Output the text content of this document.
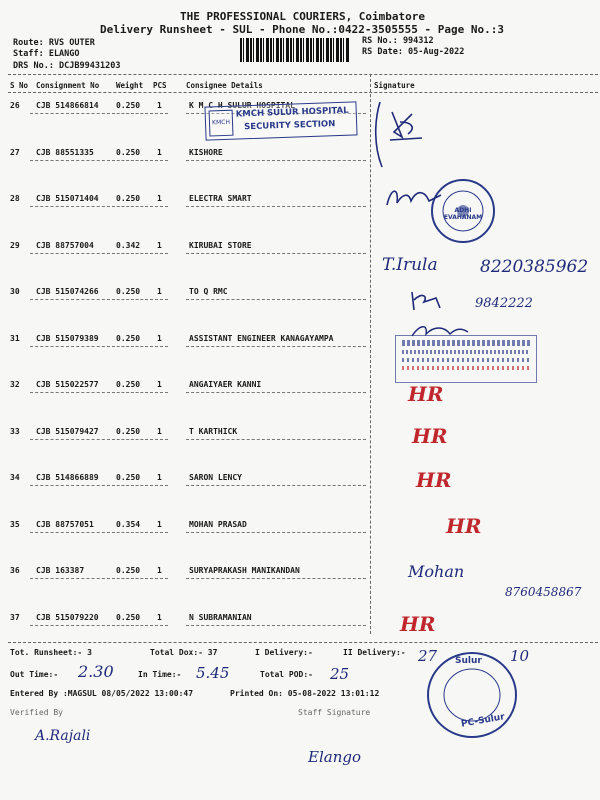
THE PROFESSIONAL COURIERS, Coimbatore
Delivery Runsheet - SUL - Phone No.:0422-3505555 - Page No.:3
Route: RVS OUTER
Staff: ELANGO
DRS No.: DCJB99431203
RS No.: 994312
RS Date: 05-Aug-2022
S No Consignment No Weight PCS	Consignee Details	Signature
26 CJB 514866814 0.250 1	K M C H SULUR HOSPITAL
27 CJB 88551335	0.250 1	KISHORE
28 CJB 515071404 0.250 1	ELECTRA SMART
29 CJB 88757004	0.342 1	KIRUBAI STORE
30 CJB 515074266 0.250 1	TO Q RMC
31 CJB 515079389 0.250 1	ASSISTANT ENGINEER KANAGAYAMPA
32 CJB 515022577 0.250 1	ANGAIYAER KANNI
33 CJB 515079427 0.250 1	T KARTHICK
34 CJB 514866889 0.250 1	SARON LENCY
35 CJB 88757051	0.354 1	MOHAN PRASAD
36 CJB 163387	0.250 1	SURYAPRAKASH MANIKANDAN
37 CJB 515079220 0.250 1	N SUBRAMANIAN
KMCH
KMCH SULUR HOSPITAL
SECURITY SECTION
ADHI EVAHANAM
Sulur
PC-Sulur
T.Irula 8220385962
9842222
HR
HR
HR
HR
Mohan
8760458867
HR
Tot. Runsheet:- 3	Total Dox:- 37	I Delivery:-	II Delivery:- 27	10
Out Time:- 2.30	In Time:- 5.45	Total POD:- 25
Entered By :MAGSUL 08/05/2022 13:00:47	Printed On: 05-08-2022 13:01:12
Verified By	Staff Signature
A.Rajali
Elango
